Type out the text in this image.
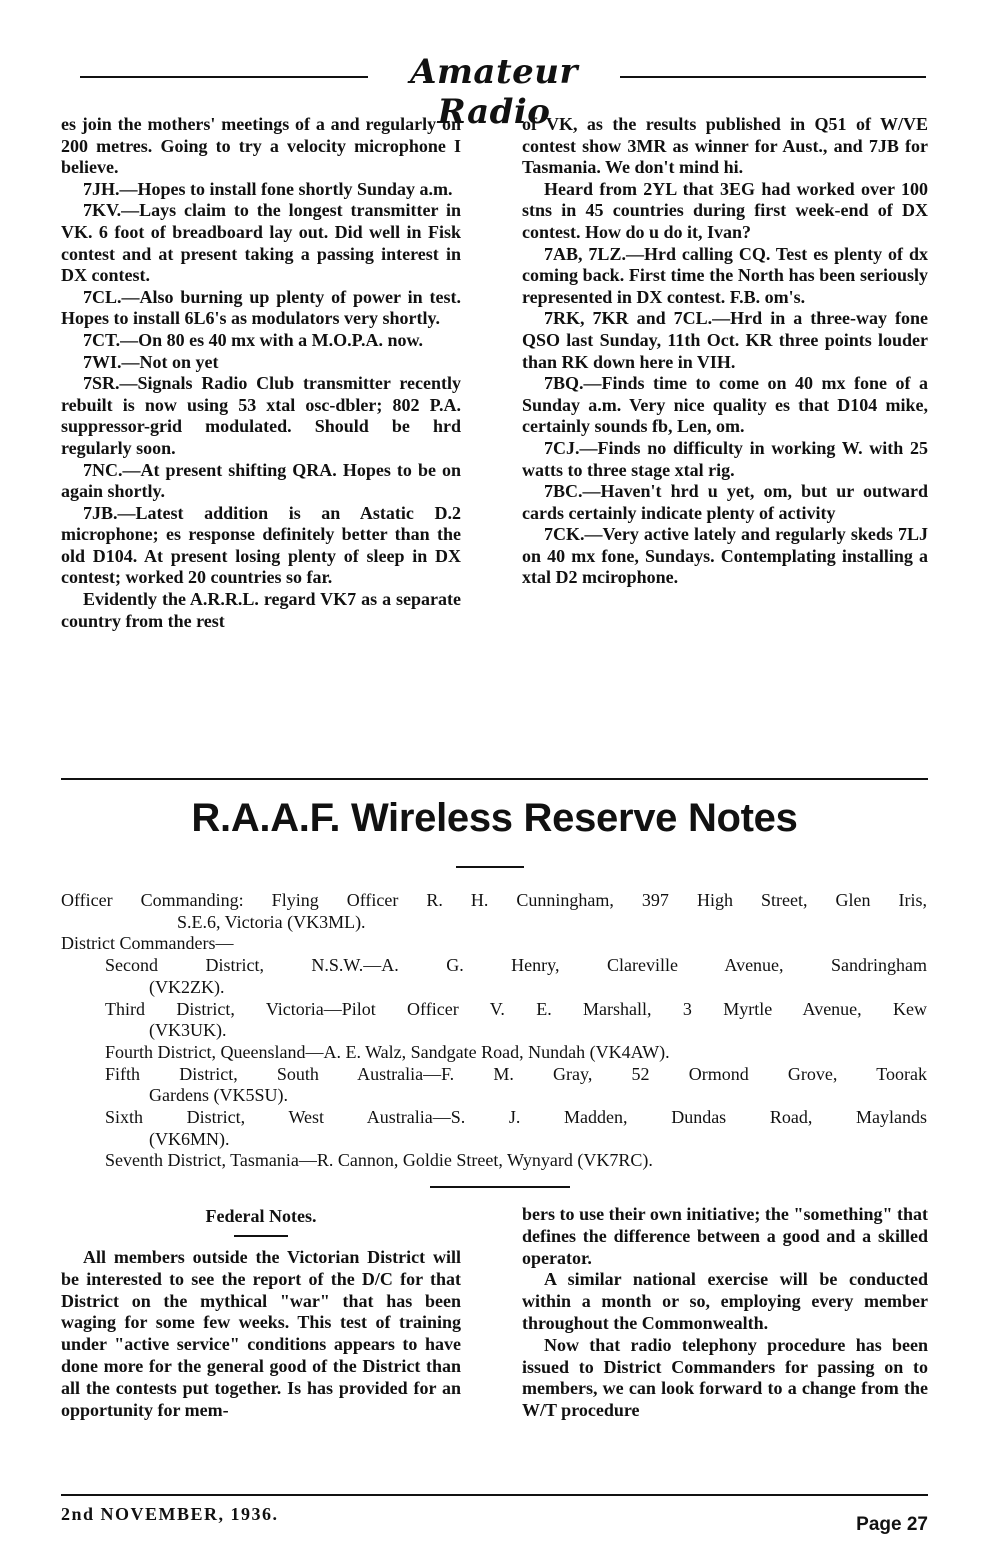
Amateur Radio

es join the mothers' meetings of a and regularly on 200 metres. Going to try a velocity microphone I believe.

7JH.—Hopes to install fone shortly Sunday a.m.

7KV.—Lays claim to the longest transmitter in VK. 6 foot of breadboard lay out. Did well in Fisk contest and at present taking a passing interest in DX contest.

7CL.—Also burning up plenty of power in test. Hopes to install 6L6's as modulators very shortly.

7CT.—On 80 es 40 mx with a M.O.P.A. now.

7WI.—Not on yet

7SR.—Signals Radio Club transmitter recently rebuilt is now using 53 xtal osc-dbler; 802 P.A. suppressor-grid modulated. Should be hrd regularly soon.

7NC.—At present shifting QRA. Hopes to be on again shortly.

7JB.—Latest addition is an Astatic D.2 microphone; es response definitely better than the old D104. At present losing plenty of sleep in DX contest; worked 20 countries so far.

Evidently the A.R.R.L. regard VK7 as a separate country from the rest

of VK, as the results published in Q51 of W/VE contest show 3MR as winner for Aust., and 7JB for Tasmania. We don't mind hi.

Heard from 2YL that 3EG had worked over 100 stns in 45 countries during first week-end of DX contest. How do u do it, Ivan?

7AB, 7LZ.—Hrd calling CQ. Test es plenty of dx coming back. First time the North has been seriously represented in DX contest. F.B. om's.

7RK, 7KR and 7CL.—Hrd in a three-way fone QSO last Sunday, 11th Oct. KR three points louder than RK down here in VIH.

7BQ.—Finds time to come on 40 mx fone of a Sunday a.m. Very nice quality es that D104 mike, certainly sounds fb, Len, om.

7CJ.—Finds no difficulty in working W. with 25 watts to three stage xtal rig.

7BC.—Haven't hrd u yet, om, but ur outward cards certainly indicate plenty of activity

7CK.—Very active lately and regularly skeds 7LJ on 40 mx fone, Sundays. Contemplating installing a xtal D2 mcirophone.

R.A.A.F. Wireless Reserve Notes

Officer Commanding: Flying Officer R. H. Cunningham, 397 High Street, Glen Iris,

S.E.6, Victoria (VK3ML).

District Commanders—

Second District, N.S.W.—A. G. Henry, Clareville Avenue, Sandringham

(VK2ZK).

Third District, Victoria—Pilot Officer V. E. Marshall, 3 Myrtle Avenue, Kew

(VK3UK).

Fourth District, Queensland—A. E. Walz, Sandgate Road, Nundah (VK4AW).

Fifth District, South Australia—F. M. Gray, 52 Ormond Grove, Toorak

Gardens (VK5SU).

Sixth District, West Australia—S. J. Madden, Dundas Road, Maylands

(VK6MN).

Seventh District, Tasmania—R. Cannon, Goldie Street, Wynyard (VK7RC).

Federal Notes.

All members outside the Victorian District will be interested to see the report of the D/C for that District on the mythical "war" that has been waging for some few weeks. This test of training under "active service" conditions appears to have done more for the general good of the District than all the contests put together. Is has provided for an opportunity for mem-

bers to use their own initiative; the "something" that defines the difference between a good and a skilled operator.

A similar national exercise will be conducted within a month or so, employing every member throughout the Commonwealth.

Now that radio telephony procedure has been issued to District Commanders for passing on to members, we can look forward to a change from the W/T procedure

2nd NOVEMBER, 1936.	Page 27
